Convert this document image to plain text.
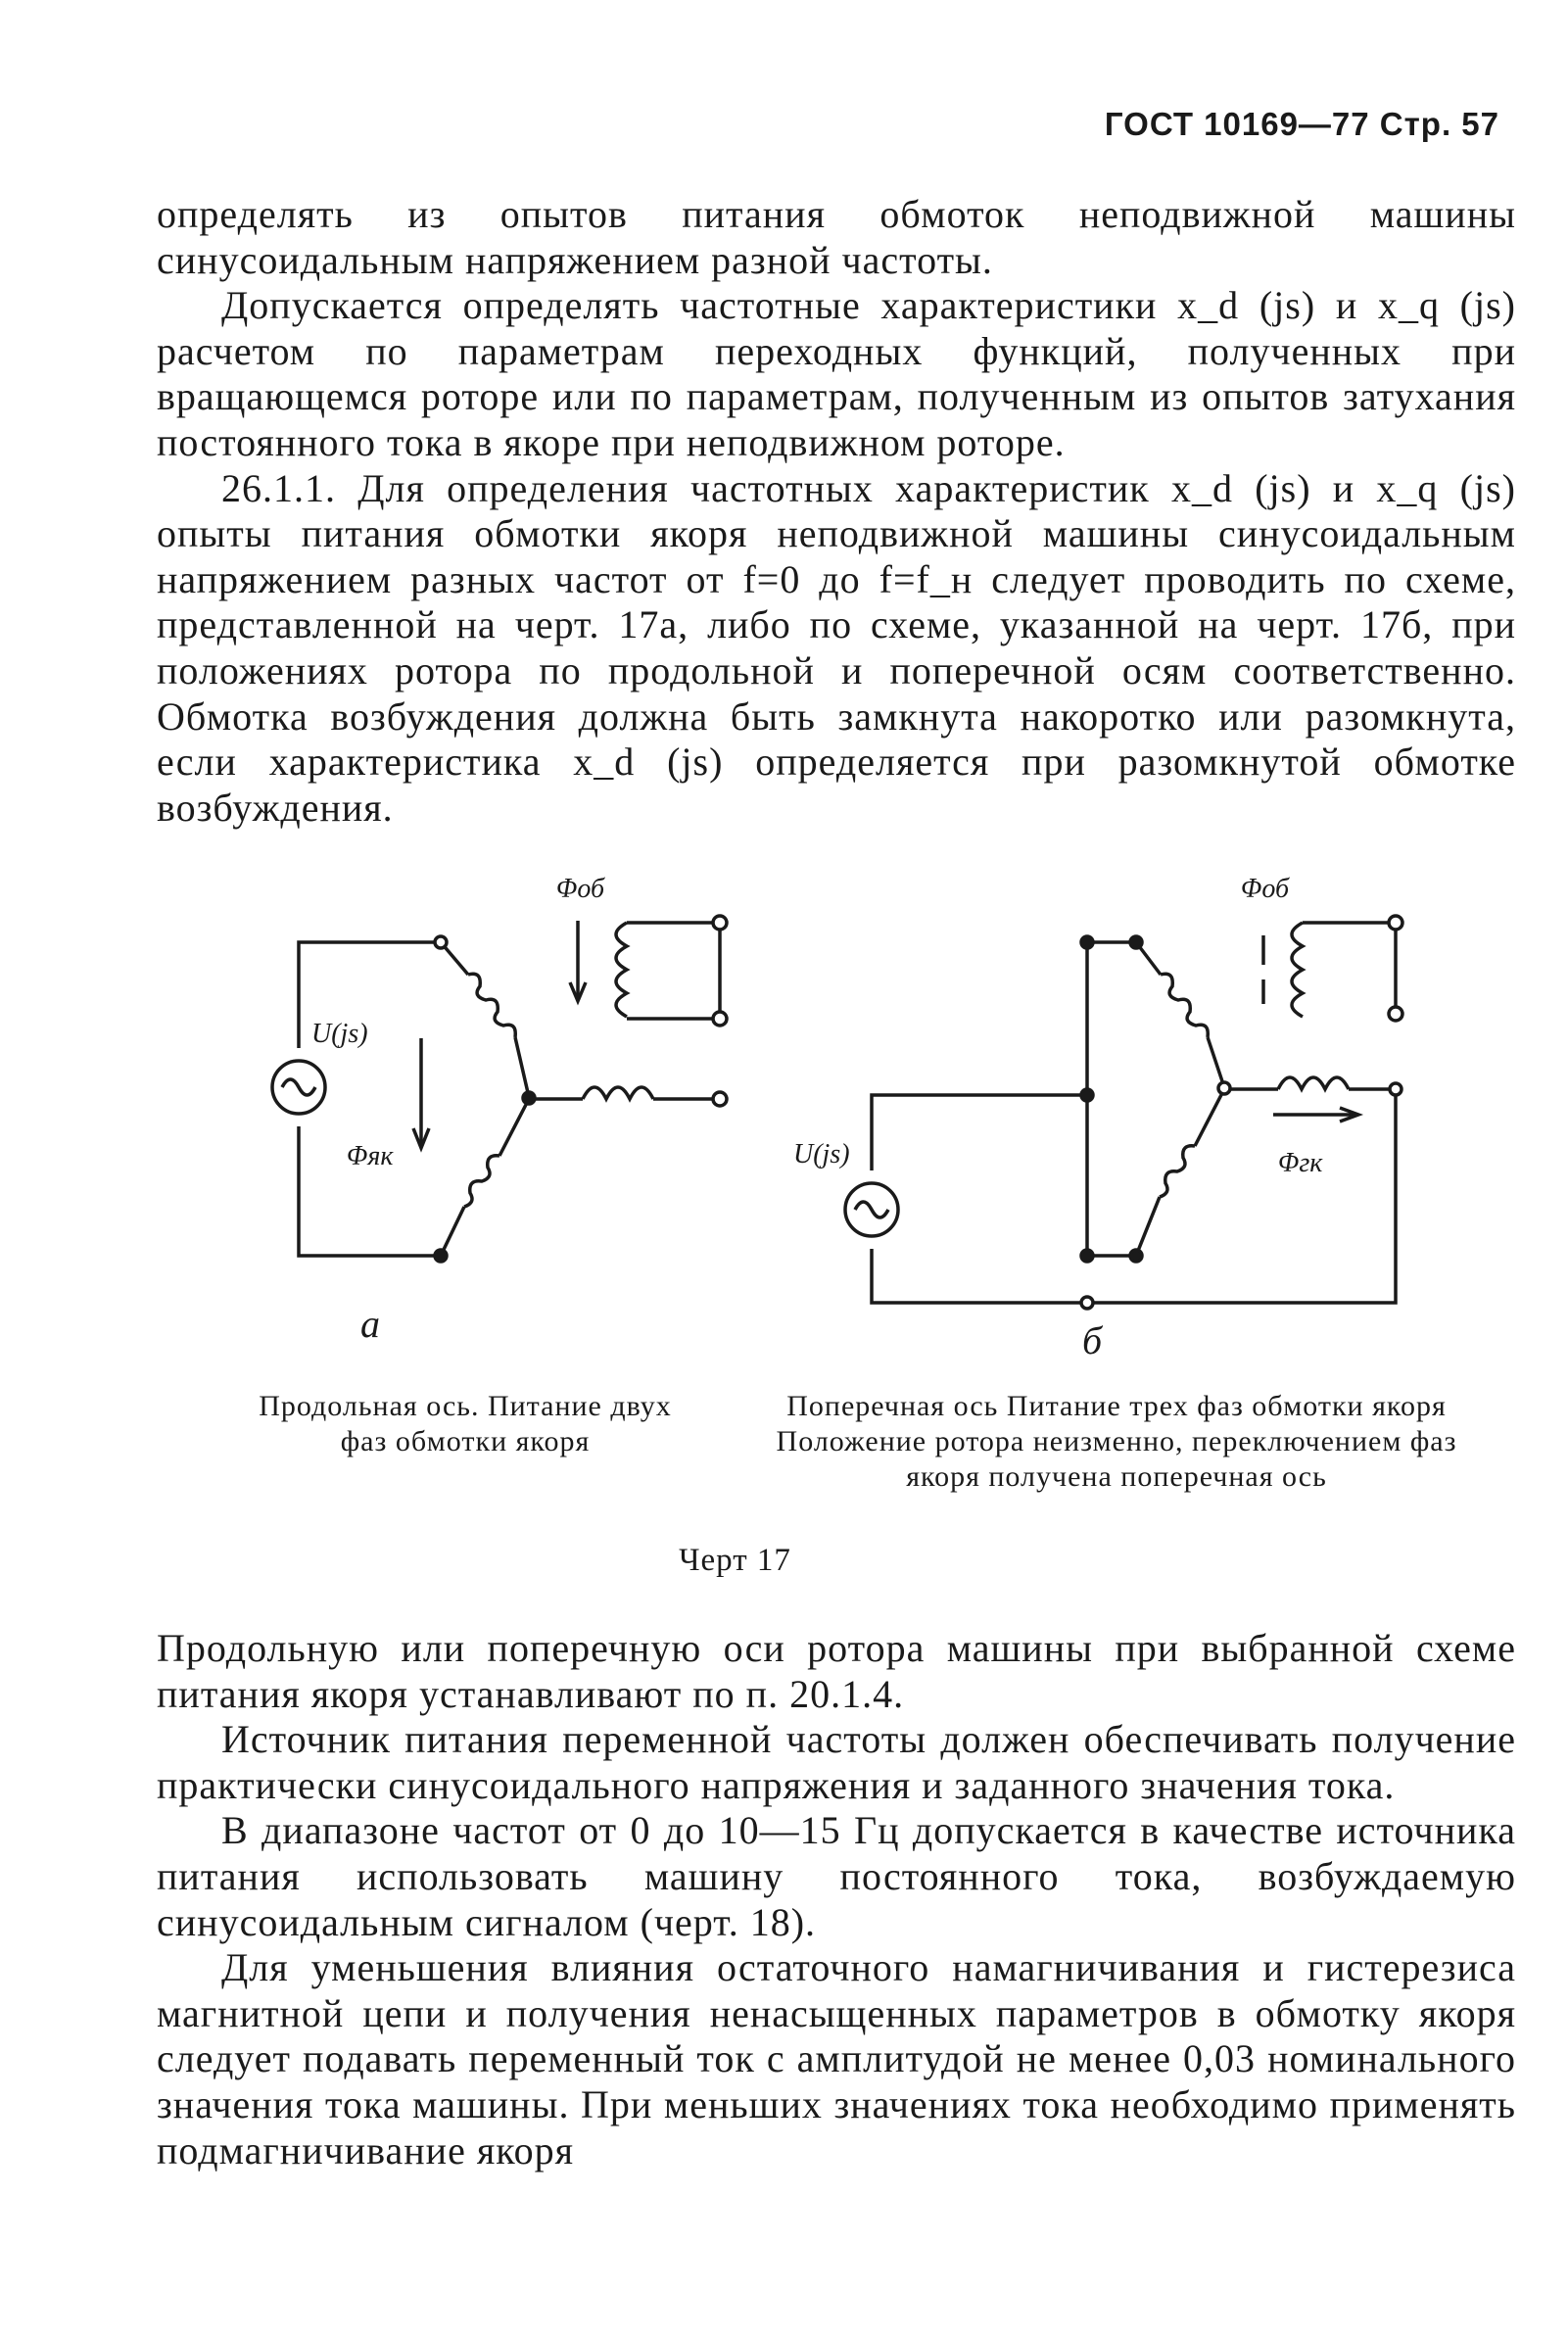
ГОСТ 10169—77 Стр. 57

определять из опытов питания обмоток неподвижной машины синусоидальным напряжением разной частоты.

Допускается определять частотные характеристики x_d (js) и x_q (js) расчетом по параметрам переходных функций, полученных при вращающемся роторе или по параметрам, полученным из опытов затухания постоянного тока в якоре при неподвижном роторе.

26.1.1. Для определения частотных характеристик x_d (js) и x_q (js) опыты питания обмотки якоря неподвижной машины синусоидальным напряжением разных частот от f=0 до f=f_н следует проводить по схеме, представленной на черт. 17а, либо по схеме, указанной на черт. 17б, при положениях ротора по продольной и поперечной осям соответственно. Обмотка возбуждения должна быть замкнута накоротко или разомкнута, если характеристика x_d (js) определяется при разомкнутой обмотке возбуждения.

Φоб
U(js)
Φяк
Φоб
U(js)	Φгк
а	б
Продольная ось. Питание двух фаз обмотки якоря
Поперечная ось Питание трех фаз обмотки якоря Положение ротора неизменно, переключением фаз якоря получена поперечная ось
Черт 17

Продольную или поперечную оси ротора машины при выбранной схеме питания якоря устанавливают по п. 20.1.4.

Источник питания переменной частоты должен обеспечивать получение практически синусоидального напряжения и заданного значения тока.

В диапазоне частот от 0 до 10—15 Гц допускается в качестве источника питания использовать машину постоянного тока, возбуждаемую синусоидальным сигналом (черт. 18).

Для уменьшения влияния остаточного намагничивания и гистерезиса магнитной цепи и получения ненасыщенных параметров в обмотку якоря следует подавать переменный ток с амплитудой не менее 0,03 номинального значения тока машины. При меньших значениях тока необходимо применять подмагничивание якоря
